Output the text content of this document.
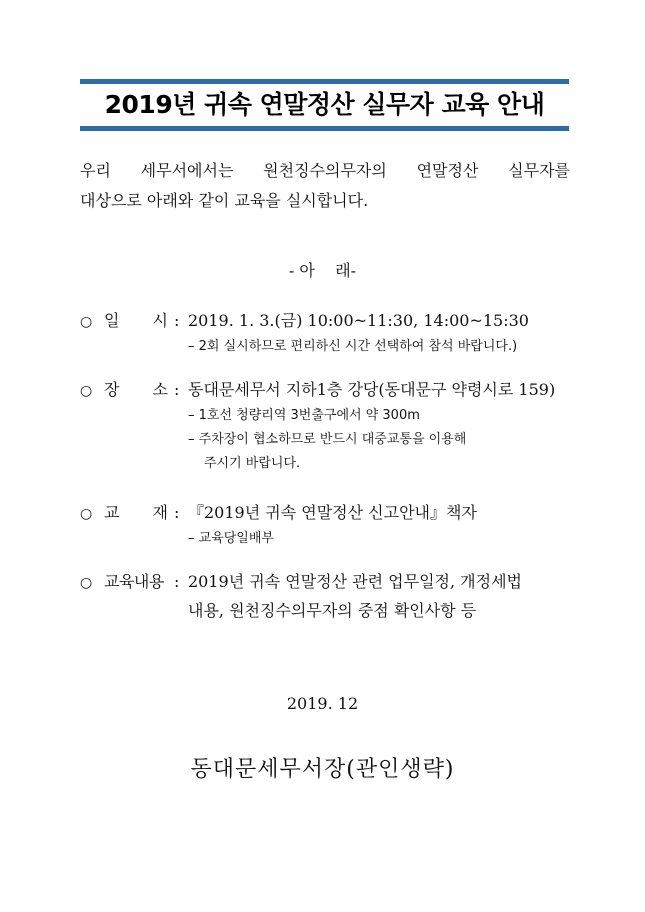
2019년 귀속 연말정산 실무자 교육 안내
우리 세무서에서는 원천징수의무자의 연말정산 실무자를
대상으로 아래와 같이 교육을 실시합니다.
- 아    래-
○ 일 시 : 2019. 1. 3.(금) 10:00~11:30, 14:00~15:30
– 2회 실시하므로 편리하신 시간 선택하여 참석 바랍니다.)
○ 장 소 : 동대문세무서 지하1층 강당(동대문구 약령시로 159)
– 1호선 청량리역 3번출구에서 약 300m
– 주차장이 협소하므로 반드시 대중교통을 이용해
주시기 바랍니다.
○ 교 재 : 『2019년 귀속 연말정산 신고안내』책자
– 교육당일배부
○ 교육내용 : 2019년 귀속 연말정산 관련 업무일정, 개정세법
내용, 원천징수의무자의 중점 확인사항 등
2019. 12
동대문세무서장(관인생략)
